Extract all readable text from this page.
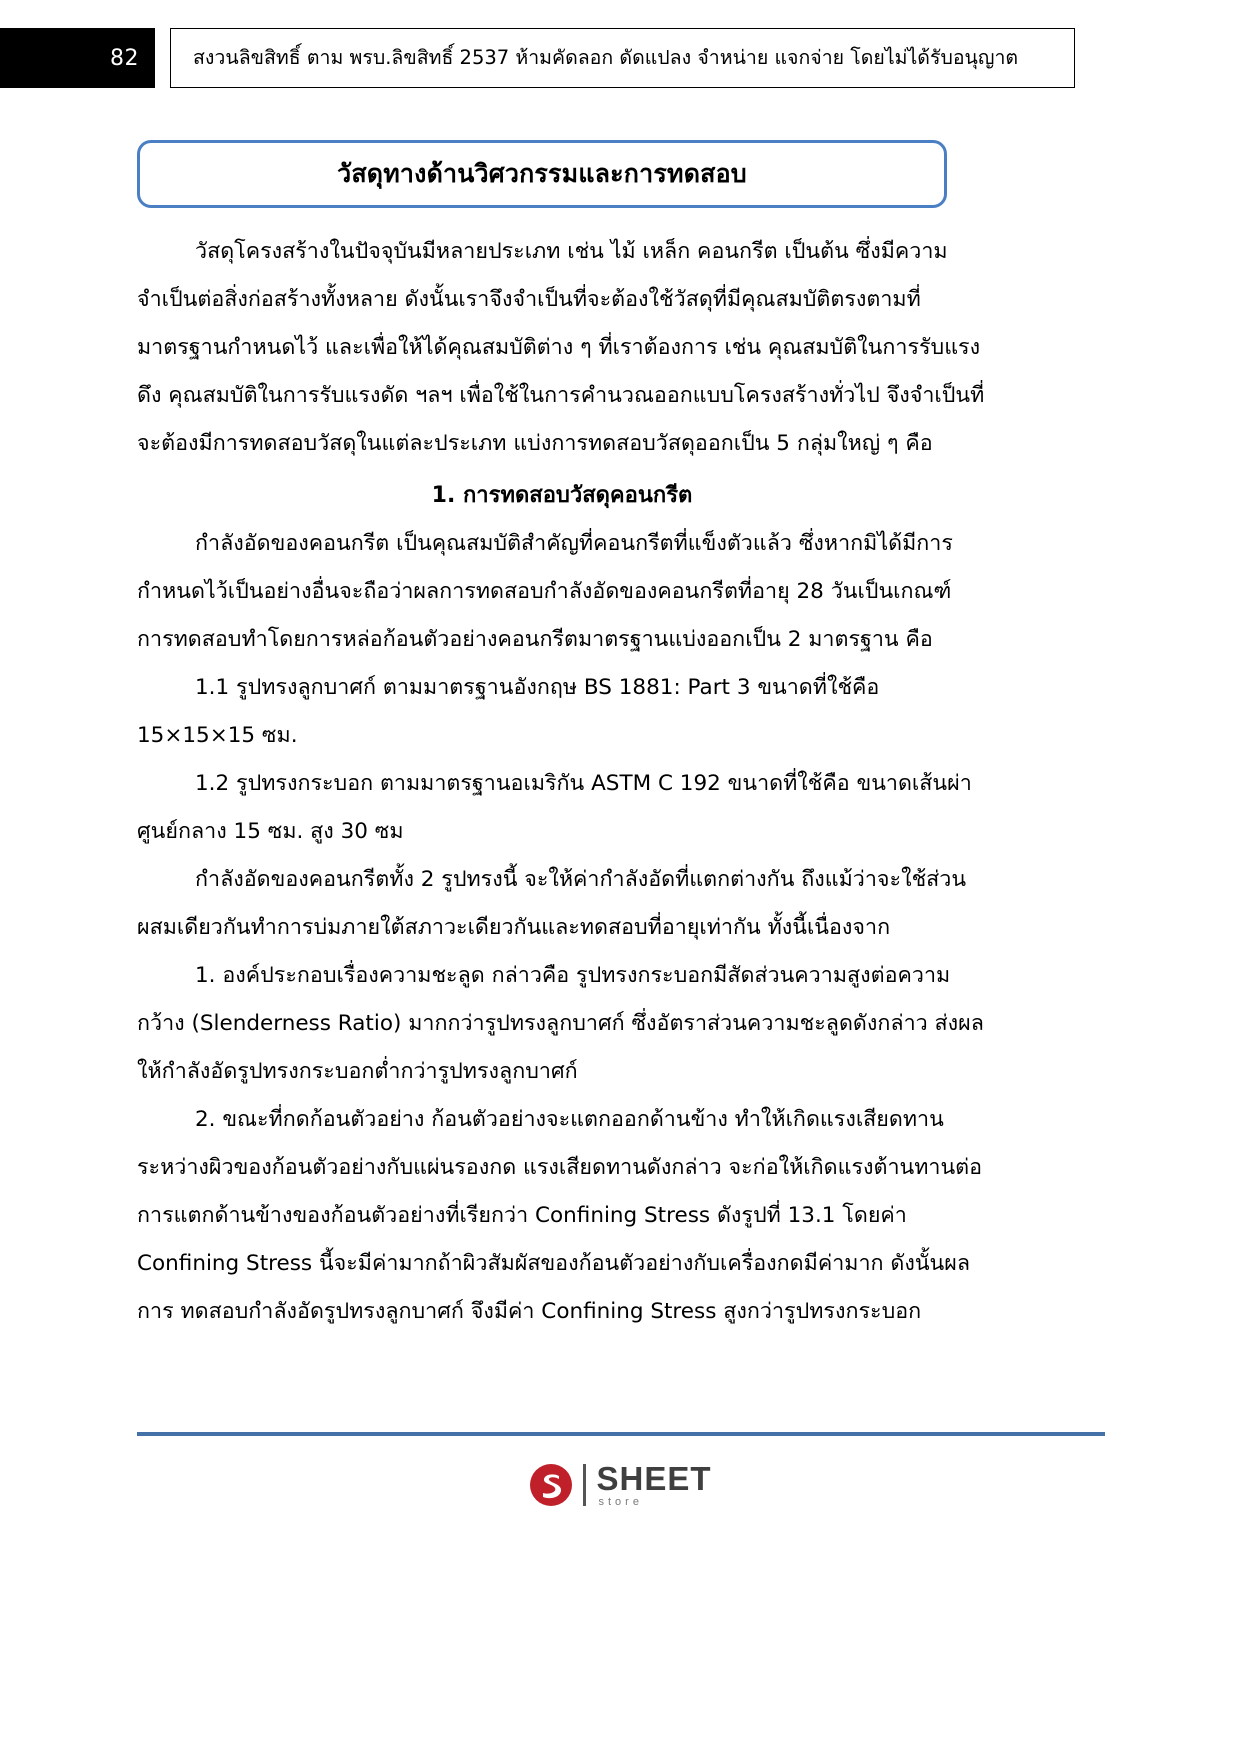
82	สงวนลิขสิทธิ์ ตาม พรบ.ลิขสิทธิ์ 2537 ห้ามคัดลอก ดัดแปลง จำหน่าย แจกจ่าย โดยไม่ได้รับอนุญาต
วัสดุทางด้านวิศวกรรมและการทดสอบ

วัสดุโครงสร้างในปัจจุบันมีหลายประเภท เช่น ไม้ เหล็ก คอนกรีต เป็นต้น ซึ่งมีความจำเป็นต่อสิ่งก่อสร้างทั้งหลาย ดังนั้นเราจึงจำเป็นที่จะต้องใช้วัสดุที่มีคุณสมบัติตรงตามที่มาตรฐานกำหนดไว้ และเพื่อให้ได้คุณสมบัติต่าง ๆ ที่เราต้องการ เช่น คุณสมบัติในการรับแรงดึง คุณสมบัติในการรับแรงดัด ฯลฯ เพื่อใช้ในการคำนวณออกแบบโครงสร้างทั่วไป จึงจำเป็นที่จะต้องมีการทดสอบวัสดุในแต่ละประเภท แบ่งการทดสอบวัสดุออกเป็น 5 กลุ่มใหญ่ ๆ คือ

1. การทดสอบวัสดุคอนกรีต

กำลังอัดของคอนกรีต เป็นคุณสมบัติสำคัญที่คอนกรีตที่แข็งตัวแล้ว ซึ่งหากมิได้มีการกำหนดไว้เป็นอย่างอื่นจะถือว่าผลการทดสอบกำลังอัดของคอนกรีตที่อายุ 28 วันเป็นเกณฑ์ การทดสอบทำโดยการหล่อก้อนตัวอย่างคอนกรีตมาตรฐานแบ่งออกเป็น 2 มาตรฐาน คือ

1.1 รูปทรงลูกบาศก์ ตามมาตรฐานอังกฤษ BS 1881: Part 3 ขนาดที่ใช้คือ 15×15×15 ซม.

1.2 รูปทรงกระบอก ตามมาตรฐานอเมริกัน ASTM C 192 ขนาดที่ใช้คือ ขนาดเส้นผ่าศูนย์กลาง 15 ซม. สูง 30 ซม

กำลังอัดของคอนกรีตทั้ง 2 รูปทรงนี้ จะให้ค่ากำลังอัดที่แตกต่างกัน ถึงแม้ว่าจะใช้ส่วนผสมเดียวกันทำการบ่มภายใต้สภาวะเดียวกันและทดสอบที่อายุเท่ากัน ทั้งนี้เนื่องจาก

1. องค์ประกอบเรื่องความชะลูด กล่าวคือ รูปทรงกระบอกมีสัดส่วนความสูงต่อความกว้าง (Slenderness Ratio) มากกว่ารูปทรงลูกบาศก์ ซึ่งอัตราส่วนความชะลูดดังกล่าว ส่งผลให้กำลังอัดรูปทรงกระบอกต่ำกว่ารูปทรงลูกบาศก์

2. ขณะที่กดก้อนตัวอย่าง ก้อนตัวอย่างจะแตกออกด้านข้าง ทำให้เกิดแรงเสียดทานระหว่างผิวของก้อนตัวอย่างกับแผ่นรองกด แรงเสียดทานดังกล่าว จะก่อให้เกิดแรงต้านทานต่อการแตกด้านข้างของก้อนตัวอย่างที่เรียกว่า Confining Stress ดังรูปที่ 13.1 โดยค่า Confining Stress นี้จะมีค่ามากถ้าผิวสัมผัสของก้อนตัวอย่างกับเครื่องกดมีค่ามาก ดังนั้นผลการ ทดสอบกำลังอัดรูปทรงลูกบาศก์ จึงมีค่า Confining Stress สูงกว่ารูปทรงกระบอก

SHEET
store
